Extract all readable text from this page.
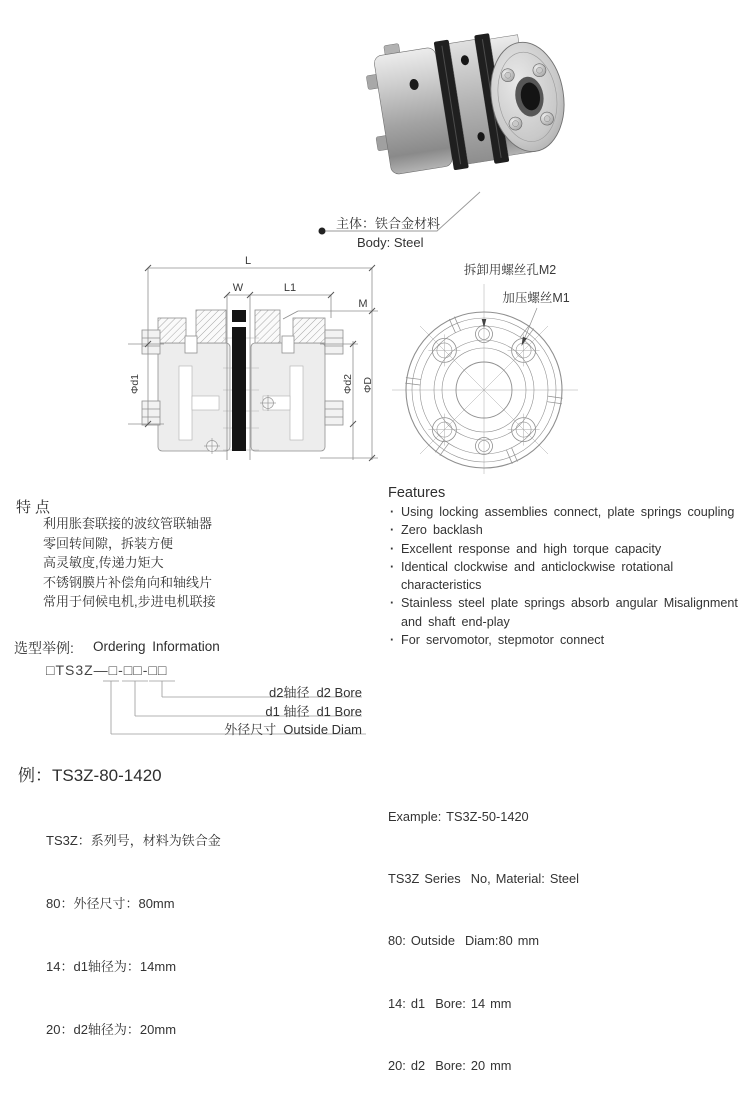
主体：铁合金材料
Body: Steel
L
W	L1
M
Φd1	Φd2 ΦD
拆卸用螺丝孔M2
加压螺丝M1
特点
利用胀套联接的波纹管联轴器
零回转间隙，拆装方便
高灵敏度,传递力矩大
不锈钢膜片补偿角向和轴线片
常用于伺候电机,步进电机联接
Features
· Using locking assemblies connect, plate springs coupling
· Zero backlash
· Excellent response and high torque capacity
· Identical clockwise and anticlockwise rotational characteristics
· Stainless steel plate springs absorb angular Misalignment and shaft end-play
· For servomotor, stepmotor connect
选型举例: Ordering Information
□TS3Z—□-□□-□□
d2轴径 d2 Bore
d1 轴径 d1 Bore
外径尺寸 Outside Diam
例：TS3Z-80-1420

TS3Z：系列号，材料为铁合金

80：外径尺寸：80mm

14：d1轴径为：14mm

20：d2轴径为：20mm

Example: TS3Z-50-1420

TS3Z Series  No, Material: Steel

80: Outside  Diam:80 mm

14: d1  Bore: 14 mm

20: d2  Bore: 20 mm
